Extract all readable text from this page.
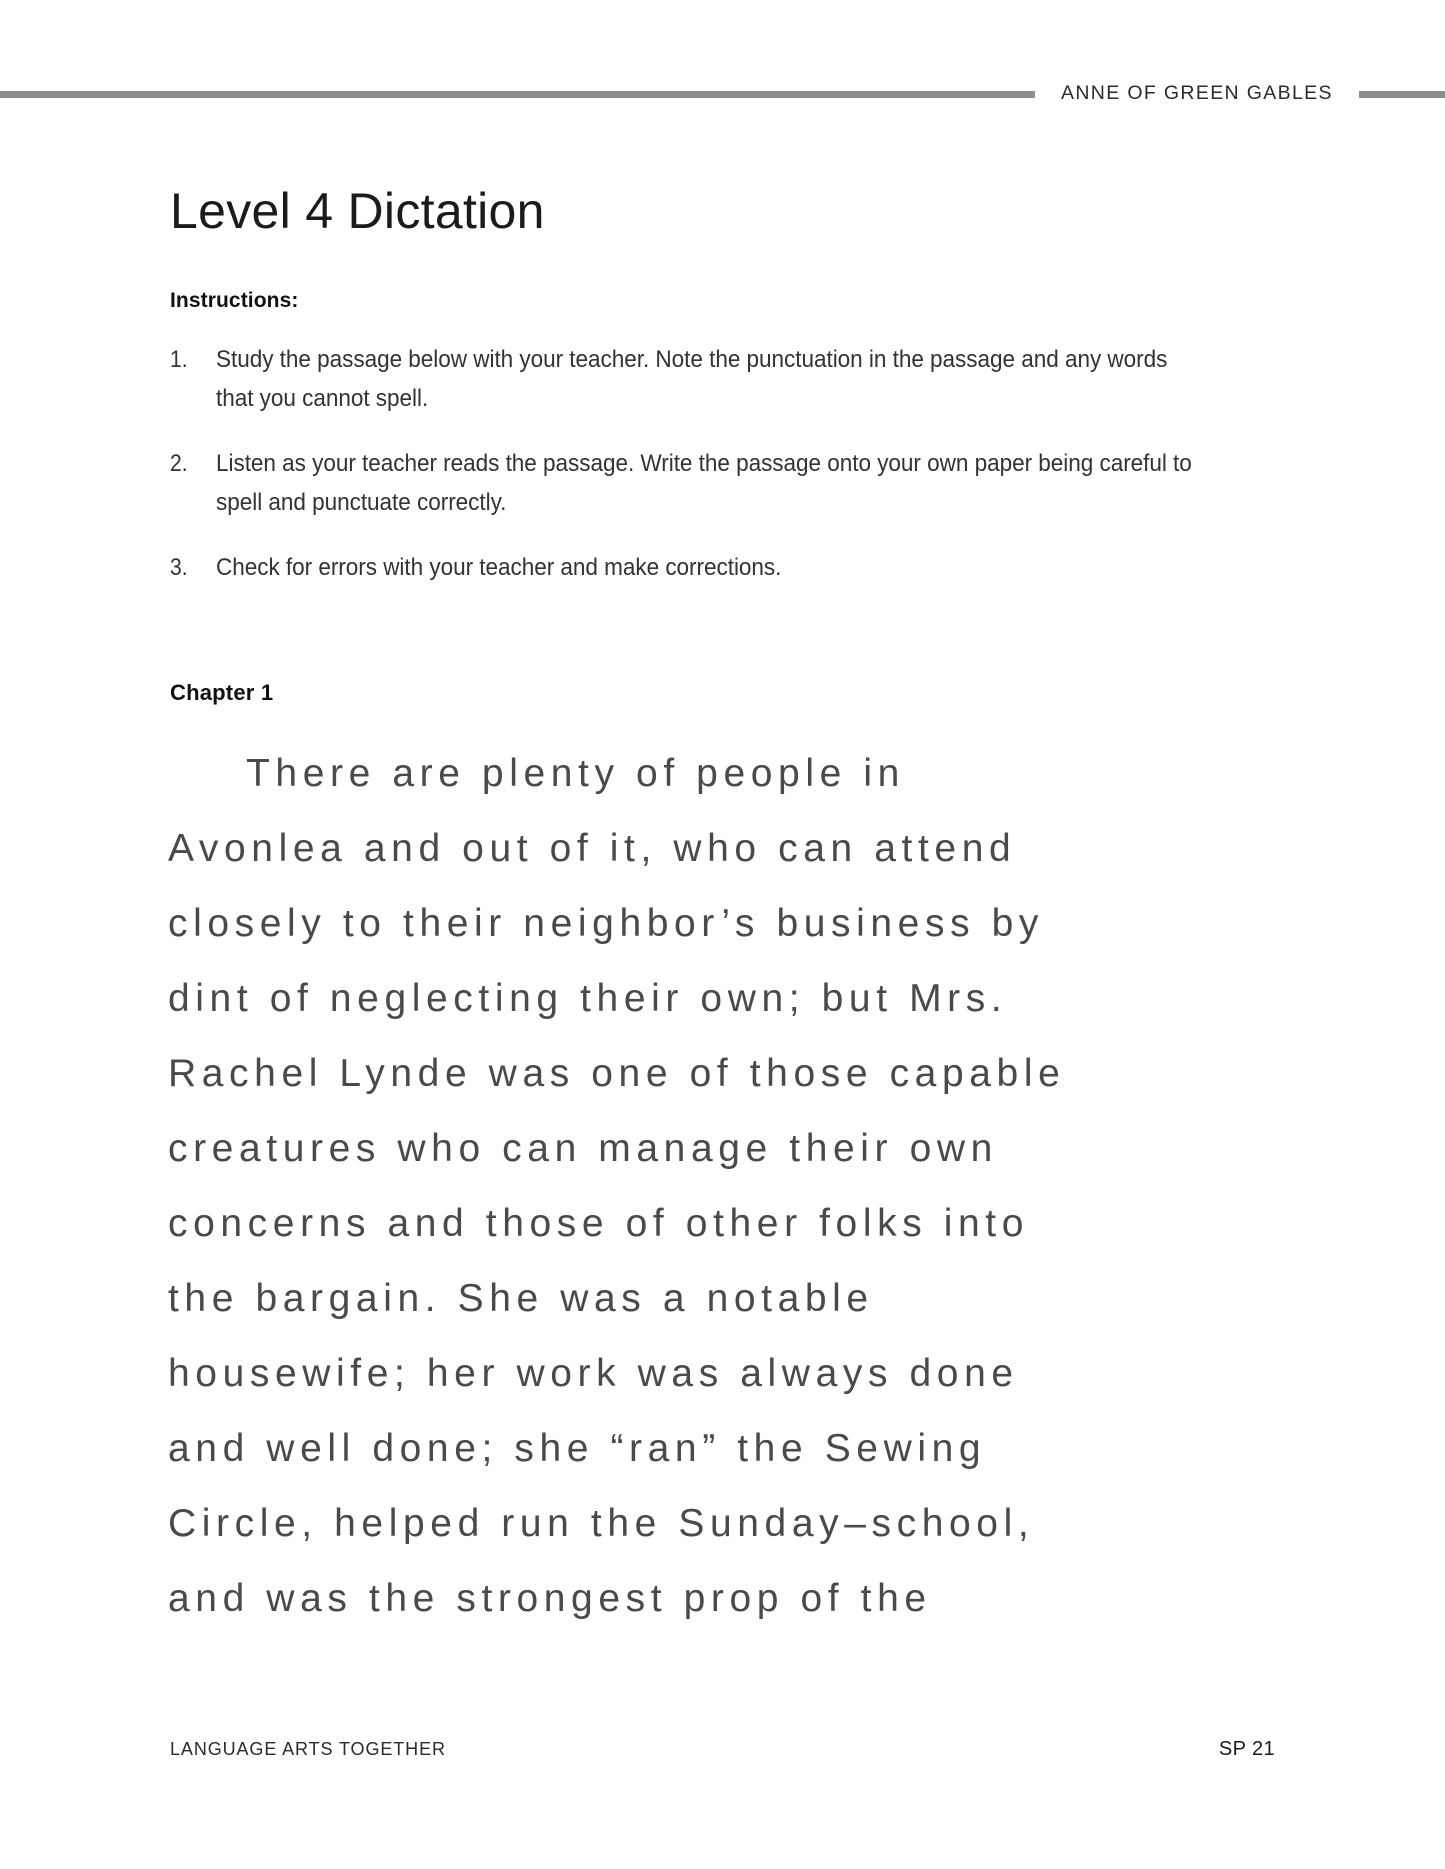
ANNE OF GREEN GABLES
Level 4 Dictation
Instructions:
1.	Study the passage below with your teacher. Note the punctuation in the passage and any words that you cannot spell.
2.	Listen as your teacher reads the passage. Write the passage onto your own paper being careful to spell and punctuate correctly.
3.	Check for errors with your teacher and make corrections.
Chapter 1
There are plenty of people in
Avonlea and out of it, who can attend
closely to their neighbor’s business by
dint of neglecting their own; but Mrs.
Rachel Lynde was one of those capable
creatures who can manage their own
concerns and those of other folks into
the bargain. She was a notable
housewife; her work was always done
and well done; she “ran” the Sewing
Circle, helped run the Sunday–school,
and was the strongest prop of the
LANGUAGE ARTS TOGETHER	SP 21
